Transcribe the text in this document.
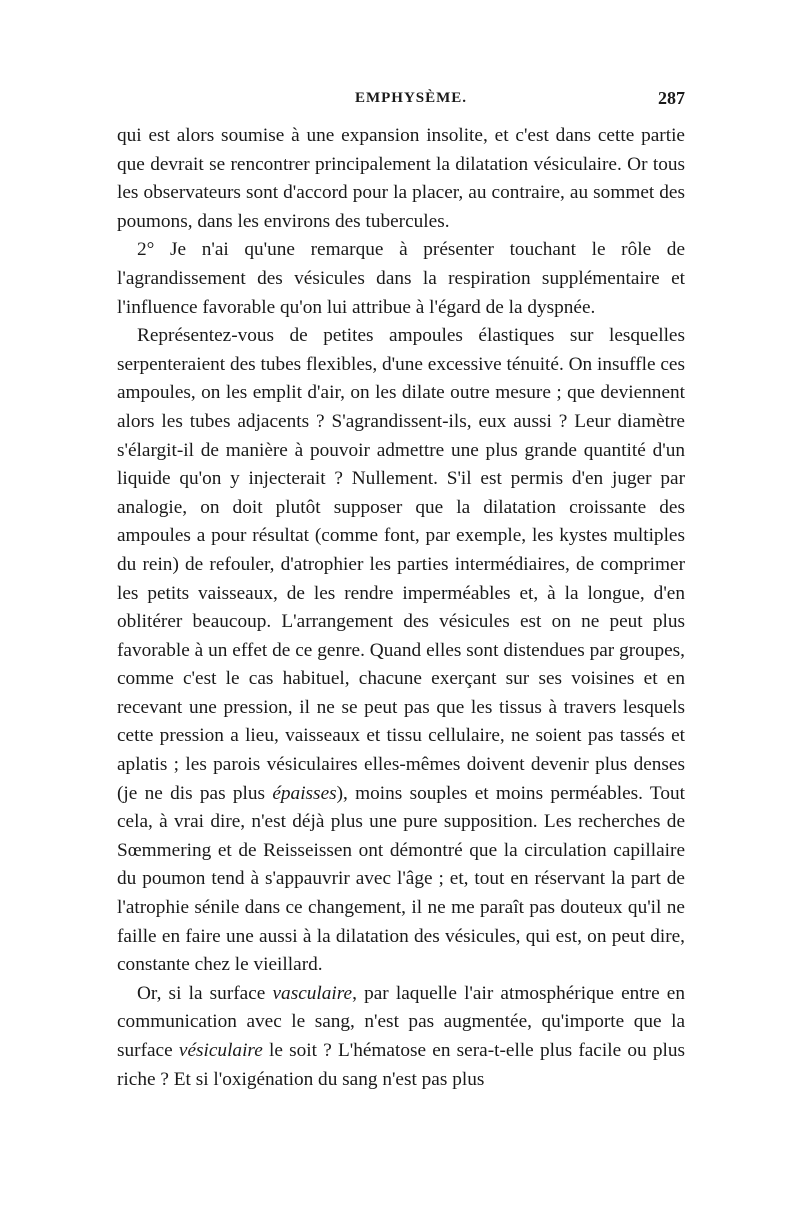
EMPHYSÈME.	287

qui est alors soumise à une expansion insolite, et c'est dans cette partie que devrait se rencontrer principalement la dilatation vésiculaire. Or tous les observateurs sont d'accord pour la placer, au contraire, au sommet des poumons, dans les environs des tubercules.

2° Je n'ai qu'une remarque à présenter touchant le rôle de l'agrandissement des vésicules dans la respiration supplémentaire et l'influence favorable qu'on lui attribue à l'égard de la dyspnée.

Représentez-vous de petites ampoules élastiques sur lesquelles serpenteraient des tubes flexibles, d'une excessive ténuité. On insuffle ces ampoules, on les emplit d'air, on les dilate outre mesure ; que deviennent alors les tubes adjacents ? S'agrandissent-ils, eux aussi ? Leur diamètre s'élargit-il de manière à pouvoir admettre une plus grande quantité d'un liquide qu'on y injecterait ? Nullement. S'il est permis d'en juger par analogie, on doit plutôt supposer que la dilatation croissante des ampoules a pour résultat (comme font, par exemple, les kystes multiples du rein) de refouler, d'atrophier les parties intermédiaires, de comprimer les petits vaisseaux, de les rendre imperméables et, à la longue, d'en oblitérer beaucoup. L'arrangement des vésicules est on ne peut plus favorable à un effet de ce genre. Quand elles sont distendues par groupes, comme c'est le cas habituel, chacune exerçant sur ses voisines et en recevant une pression, il ne se peut pas que les tissus à travers lesquels cette pression a lieu, vaisseaux et tissu cellulaire, ne soient pas tassés et aplatis ; les parois vésiculaires elles-mêmes doivent devenir plus denses (je ne dis pas plus épaisses), moins souples et moins perméables. Tout cela, à vrai dire, n'est déjà plus une pure supposition. Les recherches de Sœmmering et de Reisseissen ont démontré que la circulation capillaire du poumon tend à s'appauvrir avec l'âge ; et, tout en réservant la part de l'atrophie sénile dans ce changement, il ne me paraît pas douteux qu'il ne faille en faire une aussi à la dilatation des vésicules, qui est, on peut dire, constante chez le vieillard.

Or, si la surface vasculaire, par laquelle l'air atmosphérique entre en communication avec le sang, n'est pas augmentée, qu'importe que la surface vésiculaire le soit ? L'hématose en sera-t-elle plus facile ou plus riche ? Et si l'oxigénation du sang n'est pas plus
